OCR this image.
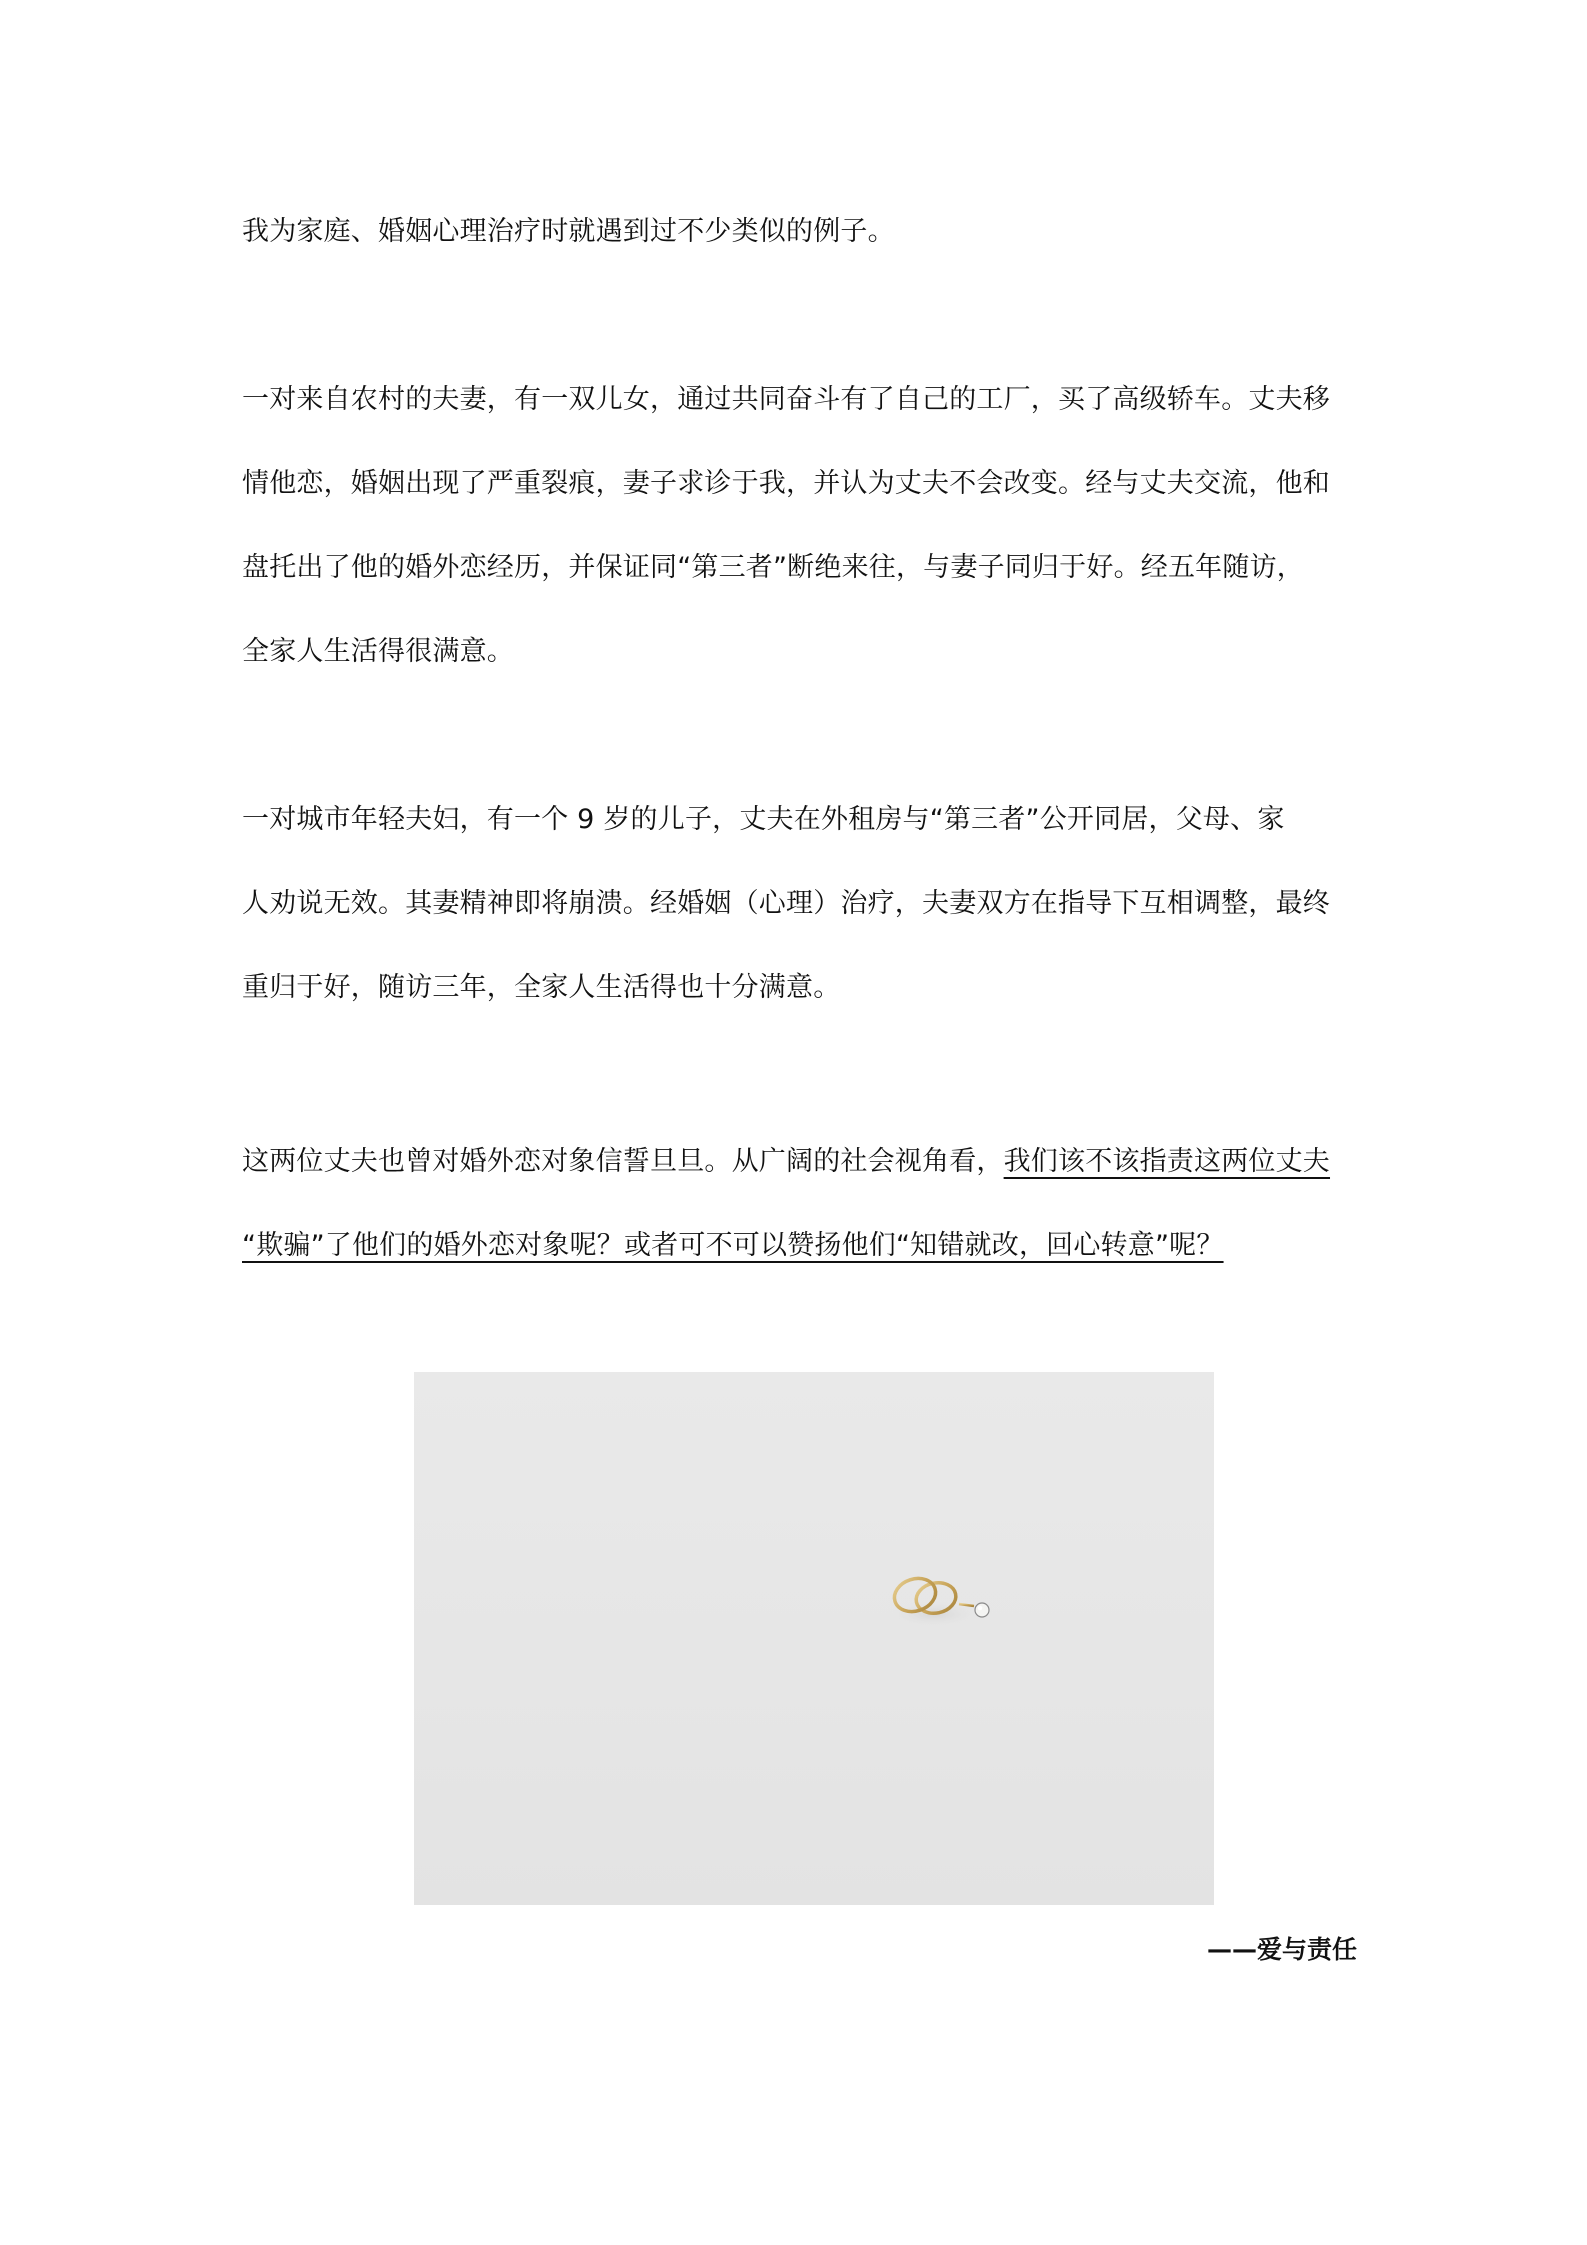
我为家庭、婚姻心理治疗时就遇到过不少类似的例子。

一对来自农村的夫妻，有一双儿女，通过共同奋斗有了自己的工厂，买了高级轿车。丈夫移
情他恋，婚姻出现了严重裂痕，妻子求诊于我，并认为丈夫不会改变。经与丈夫交流，他和
盘托出了他的婚外恋经历，并保证同“第三者”断绝来往，与妻子同归于好。经五年随访，
全家人生活得很满意。

一对城市年轻夫妇，有一个 9 岁的儿子，丈夫在外租房与“第三者”公开同居，父母、家
人劝说无效。其妻精神即将崩溃。经婚姻（心理）治疗，夫妻双方在指导下互相调整，最终
重归于好，随访三年，全家人生活得也十分满意。

这两位丈夫也曾对婚外恋对象信誓旦旦。从广阔的社会视角看，我们该不该指责这两位丈夫
“欺骗”了他们的婚外恋对象呢？或者可不可以赞扬他们“知错就改，回心转意”呢？

——爱与责任
